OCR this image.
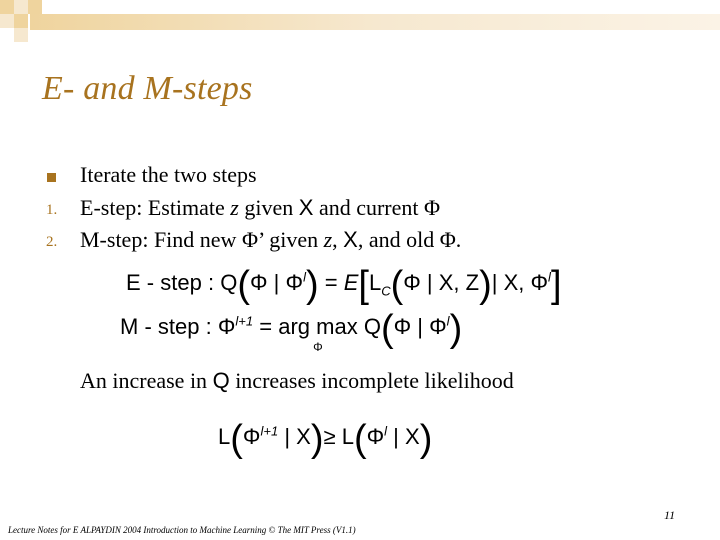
E- and M-steps
Iterate the two steps
1. E-step: Estimate z given X and current Φ
2. M-step: Find new Φ’ given z, X, and old Φ.
E - step : Q(Φ | $\Phi^l) = E[L_C(\Phi$ | X, Z)| X, $\Phi^l$]
M - step : $\Phi^{l+1}$ = arg max
Φ
Q(Φ | $\Phi^l$)
An increase in Q increases incomplete likelihood
$L(\Phi^{l+1}$ | $X)\ge L(\Phi^l$ | X)
11
Lecture Notes for E ALPAYDIN 2004 Introduction to Machine Learning © The MIT Press (V1.1)
